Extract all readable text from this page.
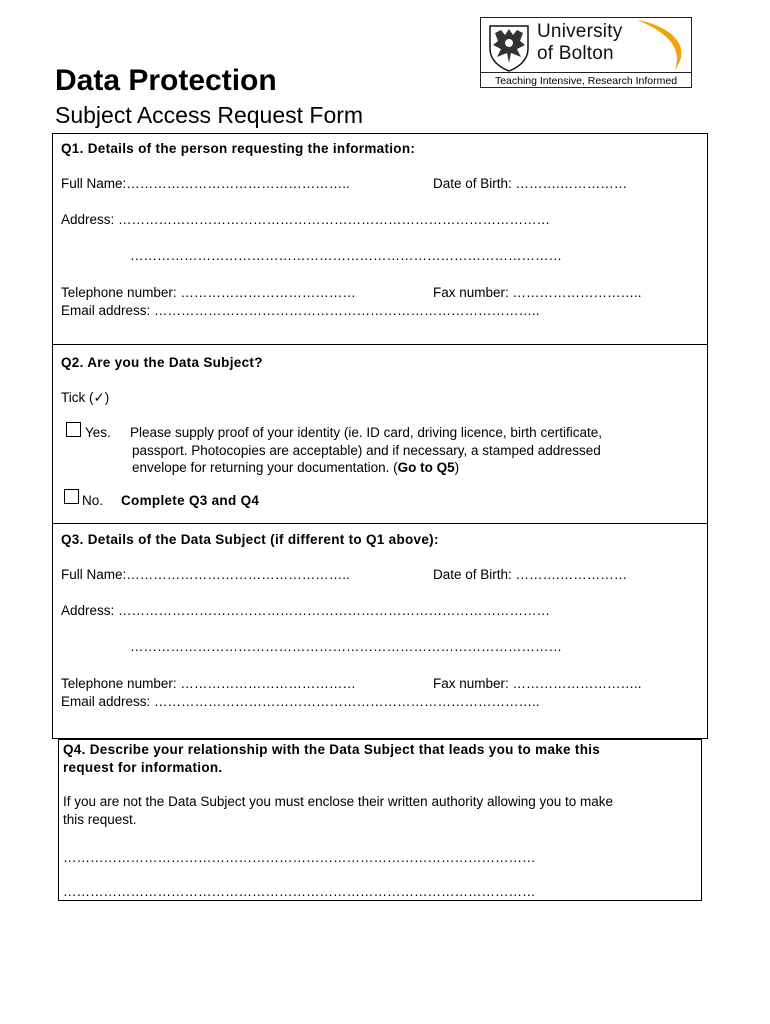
University
of Bolton
Teaching Intensive, Research Informed
Data Protection
Subject Access Request Form
Q1. Details of the person requesting the information:
Full Name:…………………………………………..	Date of Birth: ……….……………
Address: ……………………………………………………………………………………
……………………………………………………………………………………
Telephone number: …………………………………	Fax number: ………………………..
Email address: …………………………………………………………………………..
Q2. Are you the Data Subject?
Tick (✓)
Yes. Please supply proof of your identity (ie. ID card, driving licence, birth certificate,
passport. Photocopies are acceptable) and if necessary, a stamped addressed
envelope for returning your documentation. (Go to Q5)
No. Complete Q3 and Q4
Q3. Details of the Data Subject (if different to Q1 above):
Full Name:…………………………………………..	Date of Birth: ……….……………
Address: ……………………………………………………………………………………
……………………………………………………………………………………
Telephone number: …………………………………	Fax number: ………………………..
Email address: …………………………………………………………………………..
Q4. Describe your relationship with the Data Subject that leads you to make this
request for information.
If you are not the Data Subject you must enclose their written authority allowing you to make
this request.
……………………………………………………………………………………………
……………………………………………………………………………………………
